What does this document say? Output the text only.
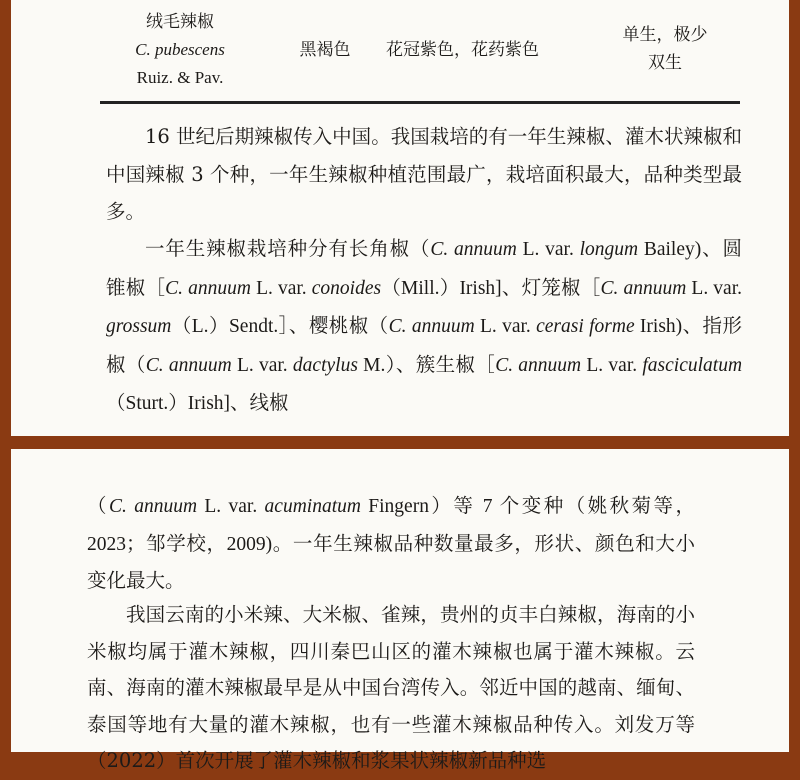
绒毛辣椒
C. pubescens
Ruiz. & Pav.
黑褐色	花冠紫色，花药紫色
单生，极少
双生

16 世纪后期辣椒传入中国。我国栽培的有一年生辣椒、灌木状辣椒和中国辣椒 3 个种，一年生辣椒种植范围最广，栽培面积最大，品种类型最多。

一年生辣椒栽培种分有长角椒（C. annuum L. var. longum Bailey)、圆锥椒［C. annuum L. var. conoides（Mill.）Irish]、灯笼椒［C. annuum L. var. grossum（L.）Sendt.］、樱桃椒（C. annuum L. var. cerasi forme Irish)、指形椒（C. annuum L. var. dactylus M.）、簇生椒［C. annuum L. var. fasciculatum（Sturt.）Irish]、线椒

（C. annuum L. var. acuminatum Fingern）等 7 个变种（姚秋菊等，2023；邹学校，2009)。一年生辣椒品种数量最多，形状、颜色和大小变化最大。

我国云南的小米辣、大米椒、雀辣，贵州的贞丰白辣椒，海南的小米椒均属于灌木辣椒，四川秦巴山区的灌木辣椒也属于灌木辣椒。云南、海南的灌木辣椒最早是从中国台湾传入。邻近中国的越南、缅甸、泰国等地有大量的灌木辣椒，也有一些灌木辣椒品种传入。刘发万等（2022）首次开展了灌木辣椒和浆果状辣椒新品种选
